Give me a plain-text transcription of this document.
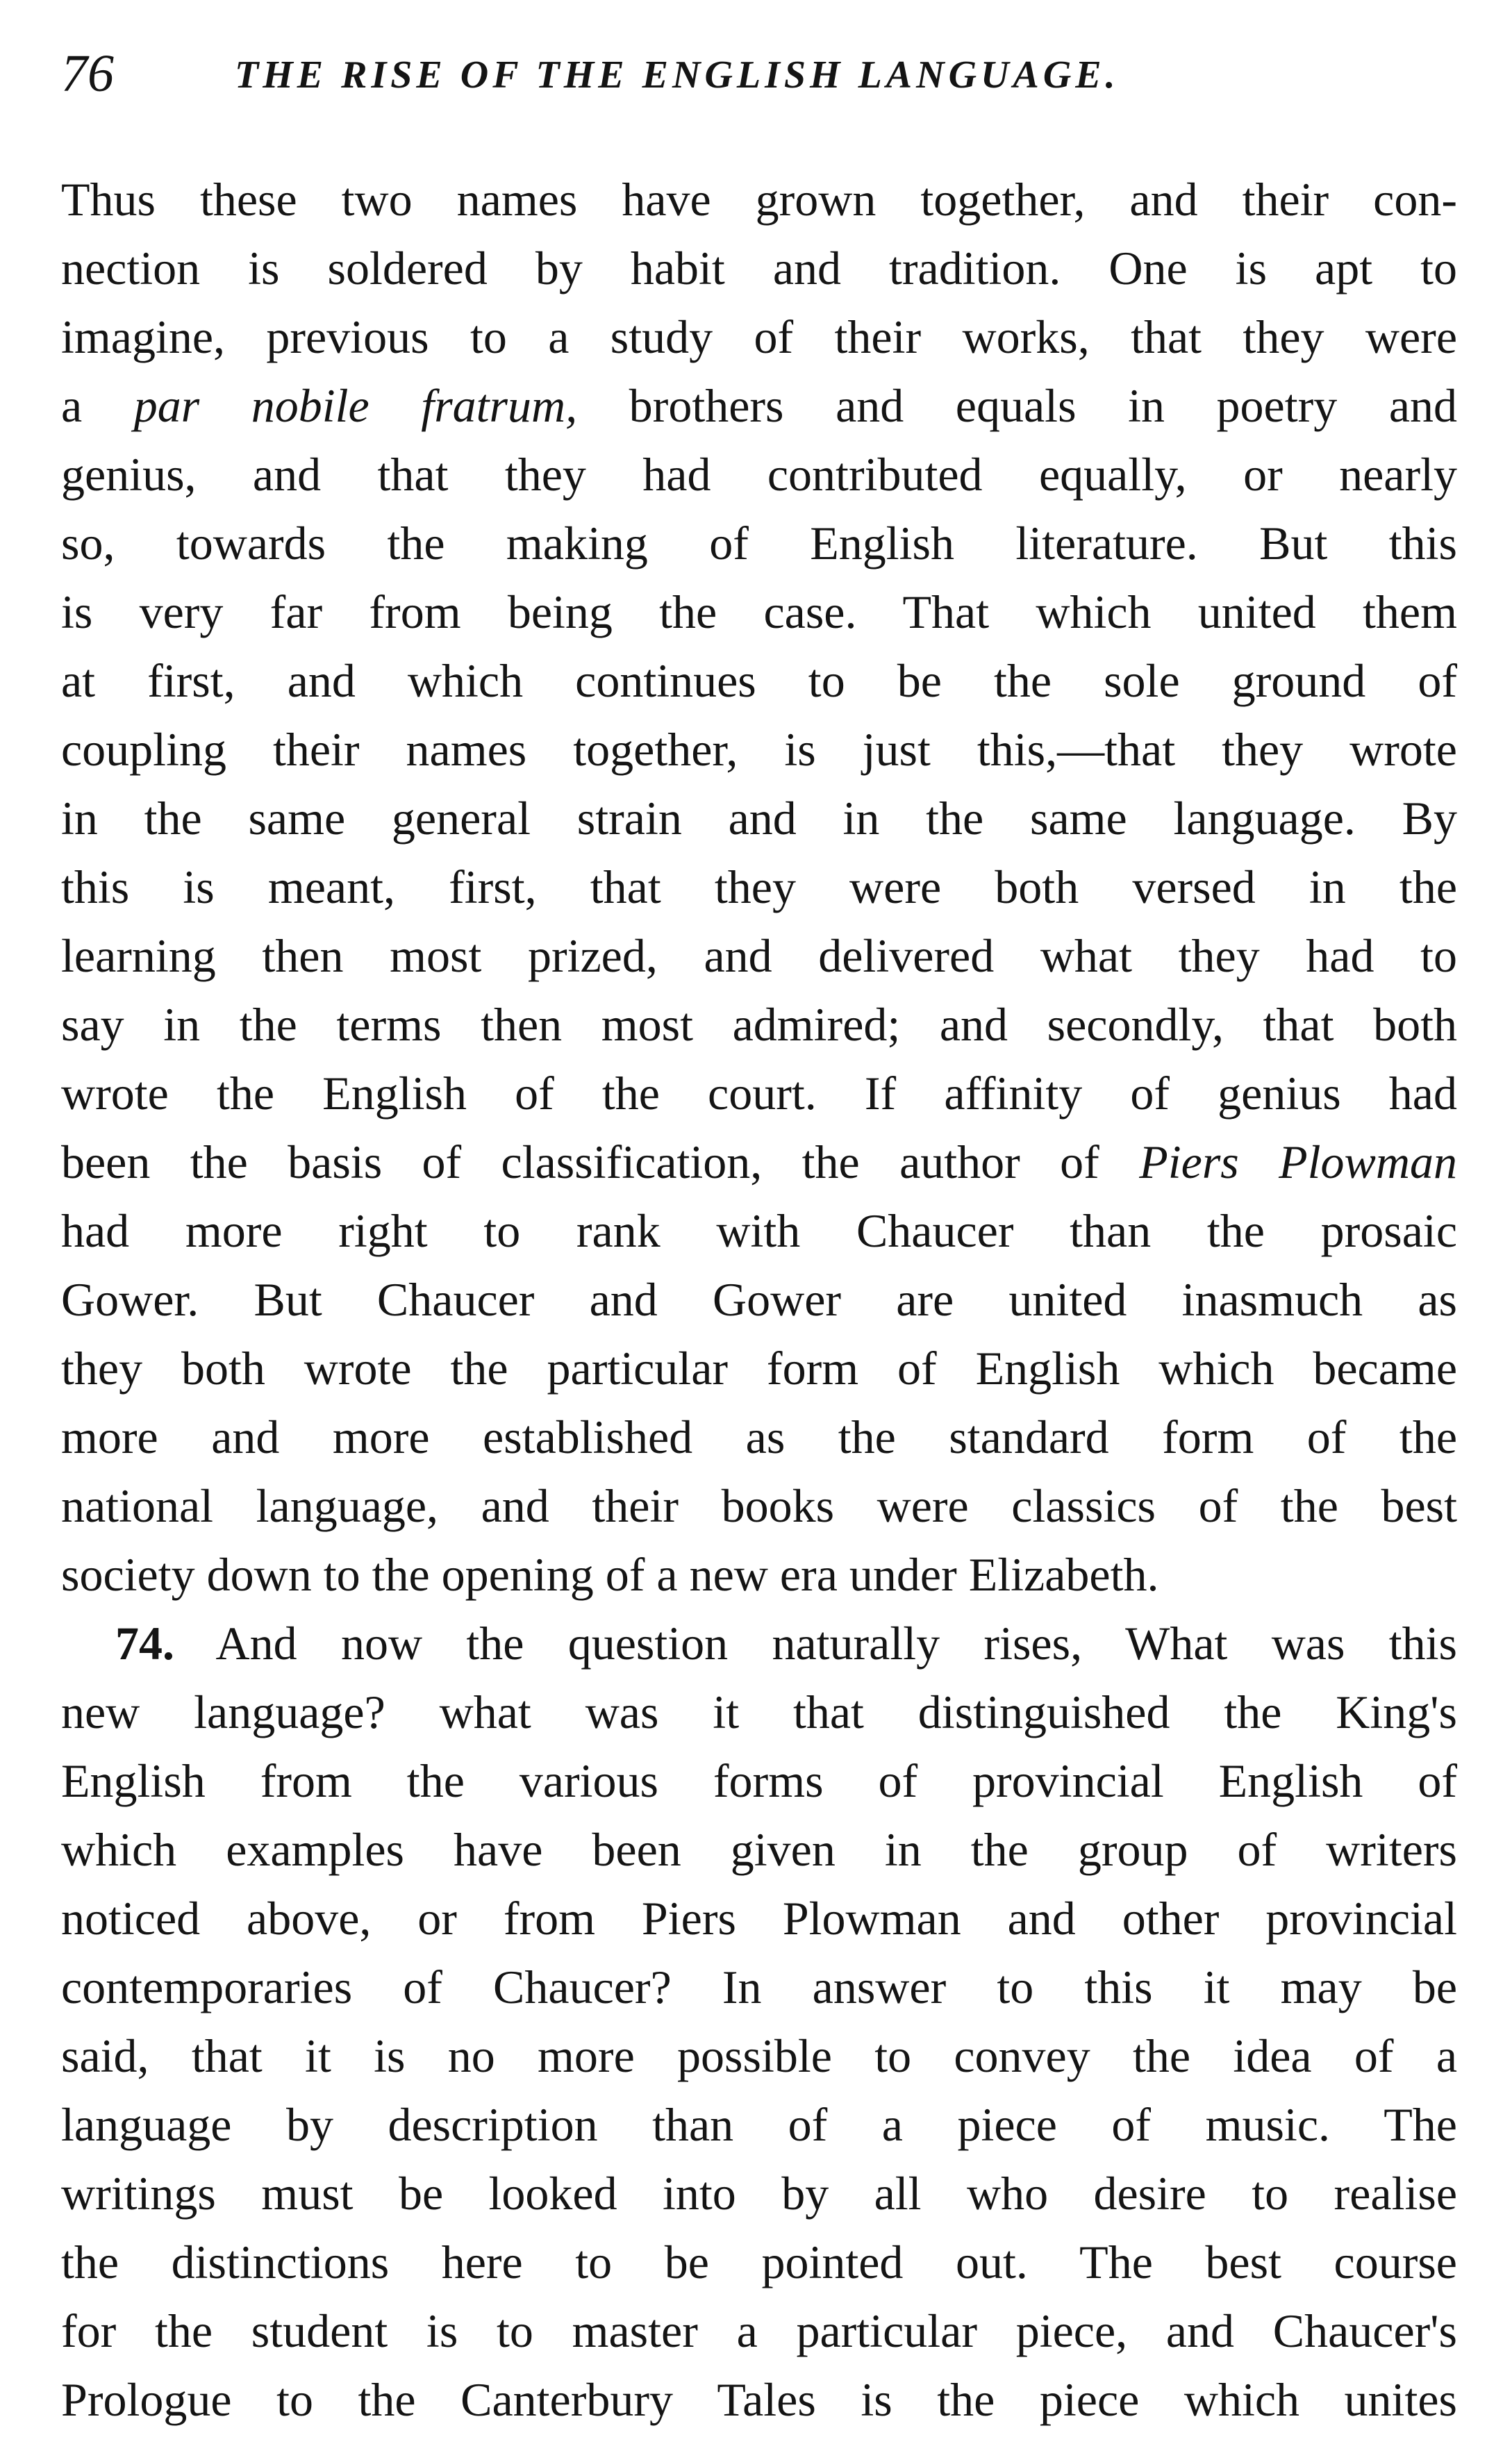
76	THE RISE OF THE ENGLISH LANGUAGE.
Thus these two names have grown together, and their con-
nection is soldered by habit and tradition. One is apt to
imagine, previous to a study of their works, that they were
a par nobile fratrum, brothers and equals in poetry and
genius, and that they had contributed equally, or nearly
so, towards the making of English literature. But this
is very far from being the case. That which united them
at first, and which continues to be the sole ground of
coupling their names together, is just this,—that they wrote
in the same general strain and in the same language. By
this is meant, first, that they were both versed in the
learning then most prized, and delivered what they had to
say in the terms then most admired; and secondly, that both
wrote the English of the court. If affinity of genius had
been the basis of classification, the author of Piers Plowman
had more right to rank with Chaucer than the prosaic
Gower. But Chaucer and Gower are united inasmuch as
they both wrote the particular form of English which became
more and more established as the standard form of the
national language, and their books were classics of the best
society down to the opening of a new era under Elizabeth.
74. And now the question naturally rises, What was this
new language? what was it that distinguished the King's
English from the various forms of provincial English of
which examples have been given in the group of writers
noticed above, or from Piers Plowman and other provincial
contemporaries of Chaucer? In answer to this it may be
said, that it is no more possible to convey the idea of a
language by description than of a piece of music. The
writings must be looked into by all who desire to realise
the distinctions here to be pointed out. The best course
for the student is to master a particular piece, and Chaucer's
Prologue to the Canterbury Tales is the piece which unites
